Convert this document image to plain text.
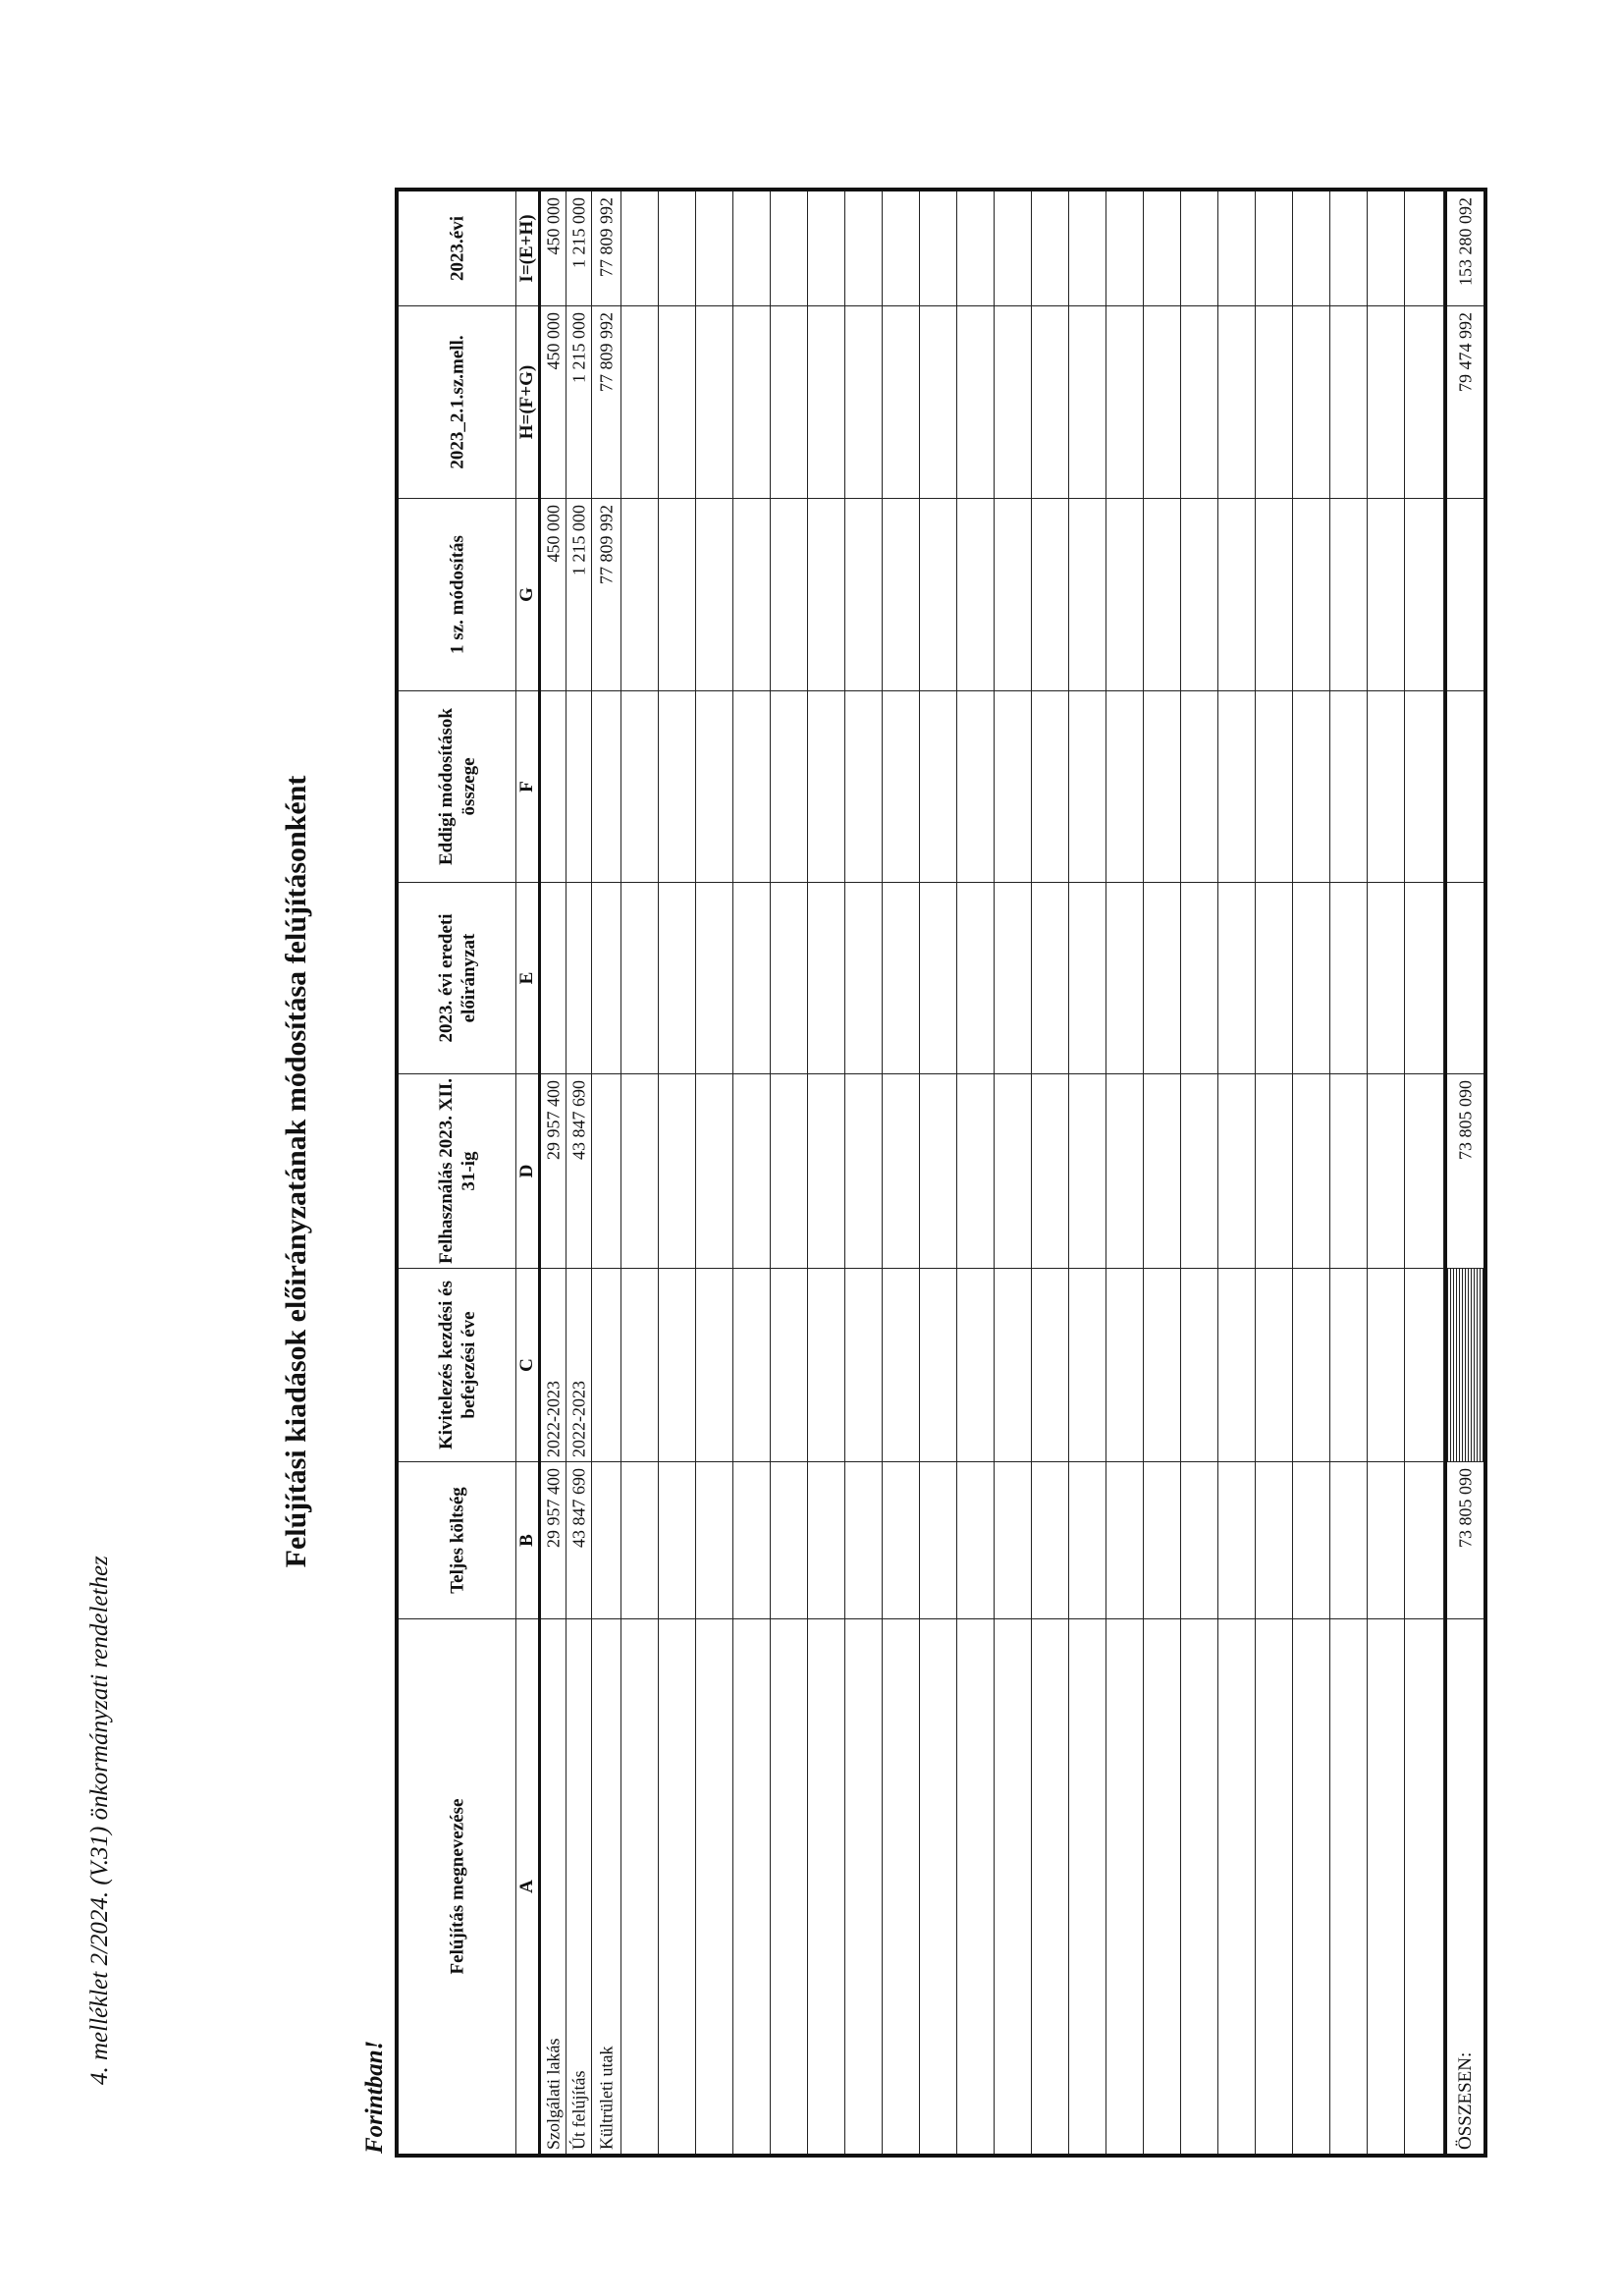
4. melléklet 2/2024. (V.31) önkormányzati rendelethez
Felújítási kiadások előirányzatának módosítása felújításonként
Forintban!
Felújítás megnevezése
Teljes költség
Kivitelezés kezdési és befejezési éve
Felhasználás 2023. XII. 31-ig
2023. évi eredeti előirányzat
Eddigi módosítások összege
1 sz. módosítás
2023_2.1.sz.mell.
2023.évi
A
B
C
D
E
F
G
H=(F+G)
I=(E+H)
Szolgálati lakás
29 957 400
2022-2023
29 957 400
450 000
450 000
450 000
Út felújítás
43 847 690
2022-2023
43 847 690
1 215 000
1 215 000
1 215 000
Kültrületi utak
77 809 992
77 809 992
77 809 992
ÖSSZESEN:
73 805 090
73 805 090
79 474 992
153 280 092
